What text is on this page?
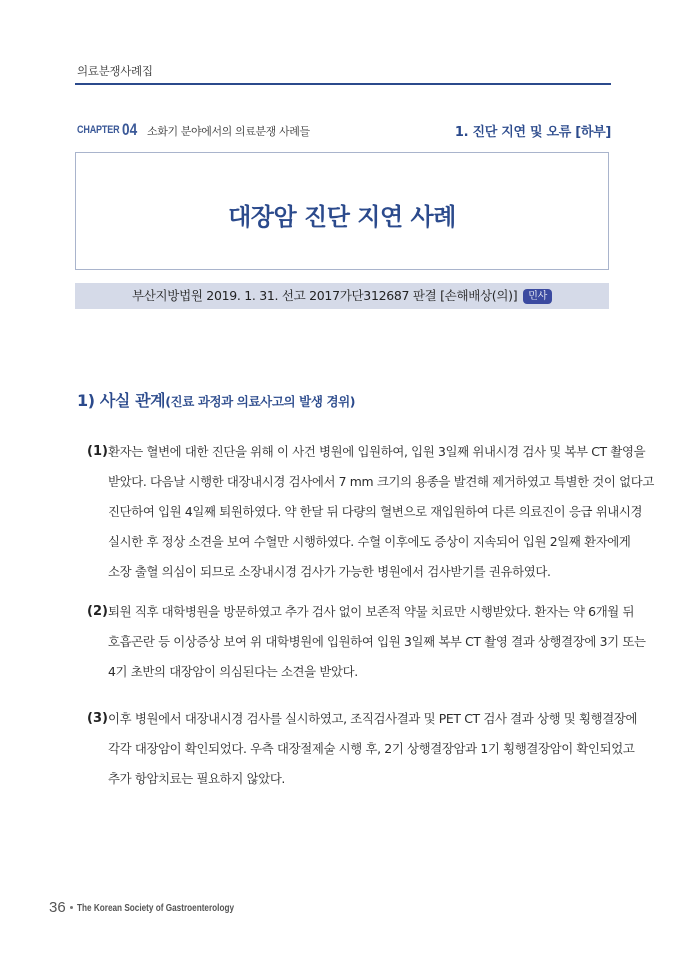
의료분쟁사례집
CHAPTER 04 소화기 분야에서의 의료분쟁 사례들	1. 진단 지연 및 오류 [하부]
대장암 진단 지연 사례
부산지방법원 2019. 1. 31. 선고 2017가단312687 판결 [손해배상(의)] 민사
1) 사실 관계(진료 과정과 의료사고의 발생 경위)
(1) 환자는 혈변에 대한 진단을 위해 이 사건 병원에 입원하여, 입원 3일째 위내시경 검사 및 복부 CT 촬영을
받았다. 다음날 시행한 대장내시경 검사에서 7 mm 크기의 용종을 발견해 제거하였고 특별한 것이 없다고
진단하여 입원 4일째 퇴원하였다. 약 한달 뒤 다량의 혈변으로 재입원하여 다른 의료진이 응급 위내시경
실시한 후 정상 소견을 보여 수혈만 시행하였다. 수혈 이후에도 증상이 지속되어 입원 2일째 환자에게
소장 출혈 의심이 되므로 소장내시경 검사가 가능한 병원에서 검사받기를 권유하였다.
(2) 퇴원 직후 대학병원을 방문하였고 추가 검사 없이 보존적 약물 치료만 시행받았다. 환자는 약 6개월 뒤
호흡곤란 등 이상증상 보여 위 대학병원에 입원하여 입원 3일째 복부 CT 촬영 결과 상행결장에 3기 또는
4기 초반의 대장암이 의심된다는 소견을 받았다.
(3) 이후 병원에서 대장내시경 검사를 실시하였고, 조직검사결과 및 PET CT 검사 결과 상행 및 횡행결장에
각각 대장암이 확인되었다. 우측 대장절제술 시행 후, 2기 상행결장암과 1기 횡행결장암이 확인되었고
추가 항암치료는 필요하지 않았다.
36 The Korean Society of Gastroenterology
